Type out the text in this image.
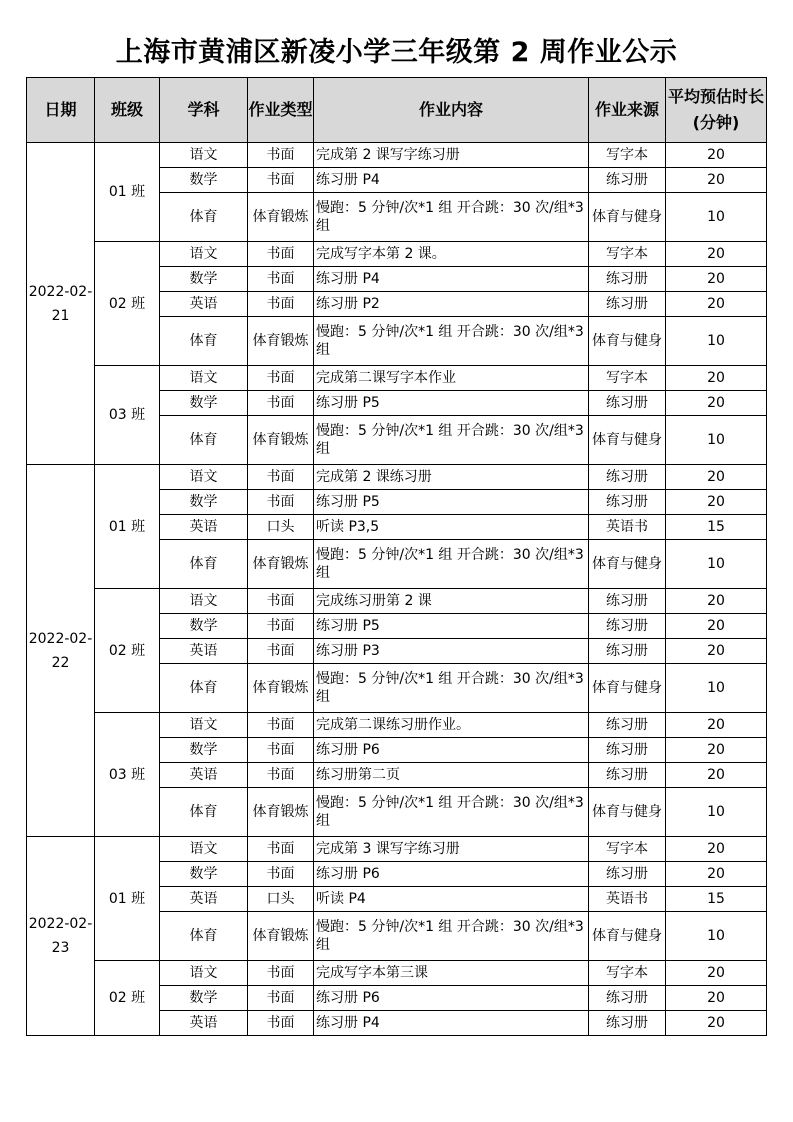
上海市黄浦区新凌小学三年级第 2 周作业公示
日期	班级	学科	作业类型	作业内容	作业来源	平均预估时长(分钟)
2022-02-21	01 班	语文	书面	完成第 2 课写字练习册	写字本	20
		数学	书面	练习册 P4	练习册	20
		体育	体育锻炼	慢跑：5 分钟/次*1 组 开合跳：30 次/组*3 组	体育与健身	10
	02 班	语文	书面	完成写字本第 2 课。	写字本	20
		数学	书面	练习册 P4	练习册	20
		英语	书面	练习册 P2	练习册	20
		体育	体育锻炼	慢跑：5 分钟/次*1 组 开合跳：30 次/组*3 组	体育与健身	10
	03 班	语文	书面	完成第二课写字本作业	写字本	20
		数学	书面	练习册 P5	练习册	20
		体育	体育锻炼	慢跑：5 分钟/次*1 组 开合跳：30 次/组*3 组	体育与健身	10
2022-02-22	01 班	语文	书面	完成第 2 课练习册	练习册	20
		数学	书面	练习册 P5	练习册	20
		英语	口头	听读 P3,5	英语书	15
		体育	体育锻炼	慢跑：5 分钟/次*1 组 开合跳：30 次/组*3 组	体育与健身	10
	02 班	语文	书面	完成练习册第 2 课	练习册	20
		数学	书面	练习册 P5	练习册	20
		英语	书面	练习册 P3	练习册	20
		体育	体育锻炼	慢跑：5 分钟/次*1 组 开合跳：30 次/组*3 组	体育与健身	10
	03 班	语文	书面	完成第二课练习册作业。	练习册	20
		数学	书面	练习册 P6	练习册	20
		英语	书面	练习册第二页	练习册	20
		体育	体育锻炼	慢跑：5 分钟/次*1 组 开合跳：30 次/组*3 组	体育与健身	10
2022-02-23	01 班	语文	书面	完成第 3 课写字练习册	写字本	20
		数学	书面	练习册 P6	练习册	20
		英语	口头	听读 P4	英语书	15
		体育	体育锻炼	慢跑：5 分钟/次*1 组 开合跳：30 次/组*3 组	体育与健身	10
	02 班	语文	书面	完成写字本第三课	写字本	20
		数学	书面	练习册 P6	练习册	20
		英语	书面	练习册 P4	练习册	20
